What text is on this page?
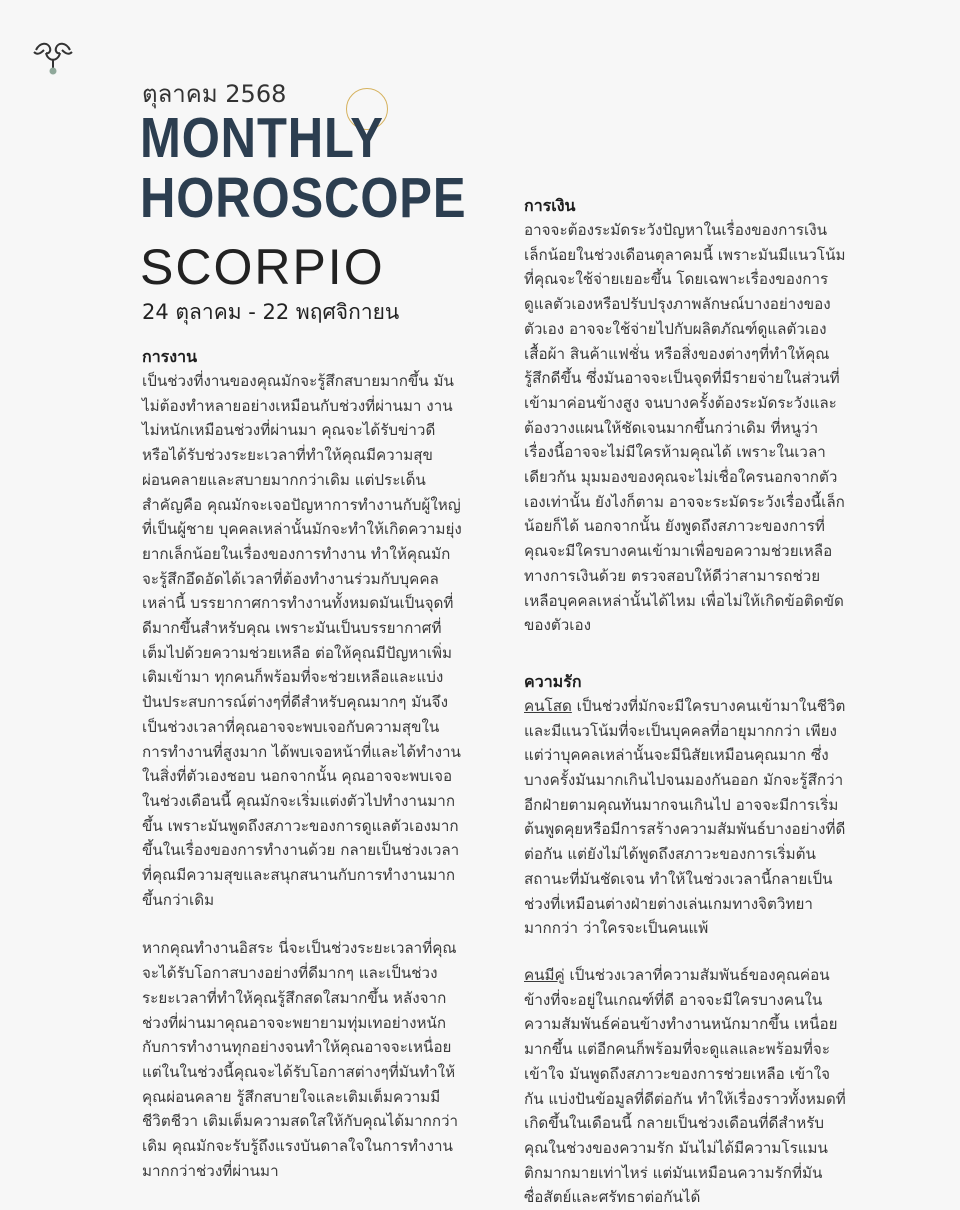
ตุลาคม 2568
MONTHLY
HOROSCOPE
SCORPIO
24 ตุลาคม - 22 พฤศจิกายน
การงาน

เป็นช่วงที่งานของคุณมักจะรู้สึกสบายมากขึ้น มันไม่ต้องทำหลายอย่างเหมือนกับช่วงที่ผ่านมา งานไม่หนักเหมือนช่วงที่ผ่านมา คุณจะได้รับข่าวดีหรือได้รับช่วงระยะเวลาที่ทำให้คุณมีความสุข ผ่อนคลายและสบายมากกว่าเดิม แต่ประเด็นสำคัญคือ คุณมักจะเจอปัญหาการทำงานกับผู้ใหญ่ที่เป็นผู้ชาย บุคคลเหล่านั้นมักจะทำให้เกิดความยุ่งยากเล็กน้อยในเรื่องของการทำงาน ทำให้คุณมักจะรู้สึกอึดอัดได้เวลาที่ต้องทำงานร่วมกับบุคคลเหล่านี้ บรรยากาศการทำงานทั้งหมดมันเป็นจุดที่ดีมากขึ้นสำหรับคุณ เพราะมันเป็นบรรยากาศที่เต็มไปด้วยความช่วยเหลือ ต่อให้คุณมีปัญหาเพิ่มเติมเข้ามา ทุกคนก็พร้อมที่จะช่วยเหลือและแบ่งปันประสบการณ์ต่างๆที่ดีสำหรับคุณมากๆ มันจึงเป็นช่วงเวลาที่คุณอาจจะพบเจอกับความสุขในการทำงานที่สูงมาก ได้พบเจอหน้าที่และได้ทำงานในสิ่งที่ตัวเองชอบ นอกจากนั้น คุณอาจจะพบเจอในช่วงเดือนนี้ คุณมักจะเริ่มแต่งตัวไปทำงานมากขึ้น เพราะมันพูดถึงสภาวะของการดูแลตัวเองมากขึ้นในเรื่องของการทำงานด้วย กลายเป็นช่วงเวลาที่คุณมีความสุขและสนุกสนานกับการทำงานมากขึ้นกว่าเดิม

หากคุณทำงานอิสระ นี่จะเป็นช่วงระยะเวลาที่คุณจะได้รับโอกาสบางอย่างที่ดีมากๆ และเป็นช่วงระยะเวลาที่ทำให้คุณรู้สึกสดใสมากขึ้น หลังจากช่วงที่ผ่านมาคุณอาจจะพยายามทุ่มเทอย่างหนักกับการทำงานทุกอย่างจนทำให้คุณอาจจะเหนื่อย แต่ในในช่วงนี้คุณจะได้รับโอกาสต่างๆที่มันทำให้คุณผ่อนคลาย รู้สึกสบายใจและเติมเต็มความมีชีวิตชีวา เติมเต็มความสดใสให้กับคุณได้มากกว่าเดิม คุณมักจะรับรู้ถึงแรงบันดาลใจในการทำงานมากกว่าช่วงที่ผ่านมา

การเงิน

อาจจะต้องระมัดระวังปัญหาในเรื่องของการเงินเล็กน้อยในช่วงเดือนตุลาคมนี้ เพราะมันมีแนวโน้มที่คุณจะใช้จ่ายเยอะขึ้น โดยเฉพาะเรื่องของการดูแลตัวเองหรือปรับปรุงภาพลักษณ์บางอย่างของตัวเอง อาจจะใช้จ่ายไปกับผลิตภัณฑ์ดูแลตัวเอง เสื้อผ้า สินค้าแฟชั่น หรือสิ่งของต่างๆที่ทำให้คุณรู้สึกดีขึ้น ซึ่งมันอาจจะเป็นจุดที่มีรายจ่ายในส่วนที่เข้ามาค่อนข้างสูง จนบางครั้งต้องระมัดระวังและต้องวางแผนให้ชัดเจนมากขึ้นกว่าเดิม ที่หนูว่าเรื่องนี้อาจจะไม่มีใครห้ามคุณได้ เพราะในเวลาเดียวกัน มุมมองของคุณจะไม่เชื่อใครนอกจากตัวเองเท่านั้น ยังไงก็ตาม อาจจะระมัดระวังเรื่องนี้เล็กน้อยก็ได้ นอกจากนั้น ยังพูดถึงสภาวะของการที่คุณจะมีใครบางคนเข้ามาเพื่อขอความช่วยเหลือทางการเงินด้วย ตรวจสอบให้ดีว่าสามารถช่วยเหลือบุคคลเหล่านั้นได้ไหม เพื่อไม่ให้เกิดข้อติดขัดของตัวเอง

ความรัก

คนโสด เป็นช่วงที่มักจะมีใครบางคนเข้ามาในชีวิต และมีแนวโน้มที่จะเป็นบุคคลที่อายุมากกว่า เพียงแต่ว่าบุคคลเหล่านั้นจะมีนิสัยเหมือนคุณมาก ซึ่งบางครั้งมันมากเกินไปจนมองกันออก มักจะรู้สึกว่าอีกฝ่ายตามคุณทันมากจนเกินไป อาจจะมีการเริ่มต้นพูดคุยหรือมีการสร้างความสัมพันธ์บางอย่างที่ดีต่อกัน แต่ยังไม่ได้พูดถึงสภาวะของการเริ่มต้นสถานะที่มันชัดเจน ทำให้ในช่วงเวลานี้กลายเป็นช่วงที่เหมือนต่างฝ่ายต่างเล่นเกมทางจิตวิทยามากกว่า ว่าใครจะเป็นคนแพ้

คนมีคู่ เป็นช่วงเวลาที่ความสัมพันธ์ของคุณค่อนข้างที่จะอยู่ในเกณฑ์ที่ดี อาจจะมีใครบางคนในความสัมพันธ์ค่อนข้างทำงานหนักมากขึ้น เหนื่อยมากขึ้น แต่อีกคนก็พร้อมที่จะดูแลและพร้อมที่จะเข้าใจ มันพูดถึงสภาวะของการช่วยเหลือ เข้าใจกัน แบ่งปันข้อมูลที่ดีต่อกัน ทำให้เรื่องราวทั้งหมดที่เกิดขึ้นในเดือนนี้ กลายเป็นช่วงเดือนที่ดีสำหรับคุณในช่วงของความรัก มันไม่ได้มีความโรแมนติกมากมายเท่าไหร่ แต่มันเหมือนความรักที่มันซื่อสัตย์และศรัทธาต่อกันได้
